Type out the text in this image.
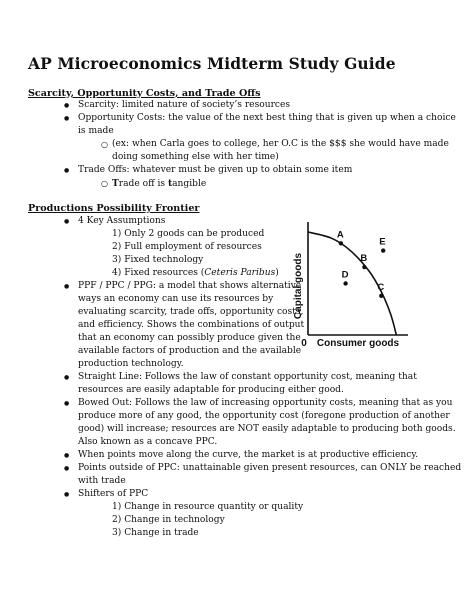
AP Microeconomics Midterm Study Guide
Scarcity, Opportunity Costs, and Trade Offs
● Scarcity: limited nature of society’s resources
● Opportunity Costs: the value of the next best thing that is given up when a choice
is made
○ (ex: when Carla goes to college, her O.C is the $$$ she would have made
doing something else with her time)
● Trade Offs: whatever must be given up to obtain some item
○ Trade off is tangible
Productions Possibility Frontier
● 4 Key Assumptions
1) Only 2 goods can be produced
2) Full employment of resources
3) Fixed technology
4) Fixed resources (Ceteris Paribus)
● PPF / PPC / PPG: a model that shows alternative
ways an economy can use its resources by
evaluating scarcity, trade offs, opportunity costs,
and efficiency. Shows the combinations of output
that an economy can possibly produce given the
available factors of production and the available
production technology.
● Straight Line: Follows the law of constant opportunity cost, meaning that
resources are easily adaptable for producing either good.
● Bowed Out: Follows the law of increasing opportunity costs, meaning that as you
produce more of any good, the opportunity cost (foregone production of another
good) will increase; resources are NOT easily adaptable to producing both goods.
Also known as a concave PPC.
● When points move along the curve, the market is at productive efficiency.
● Points outside of PPC: unattainable given present resources, can ONLY be reached
with trade
● Shifters of PPC
1) Change in resource quantity or quality
2) Change in technology
3) Change in trade
A
E
B
D
C
0 Consumer goods
Capital goods
